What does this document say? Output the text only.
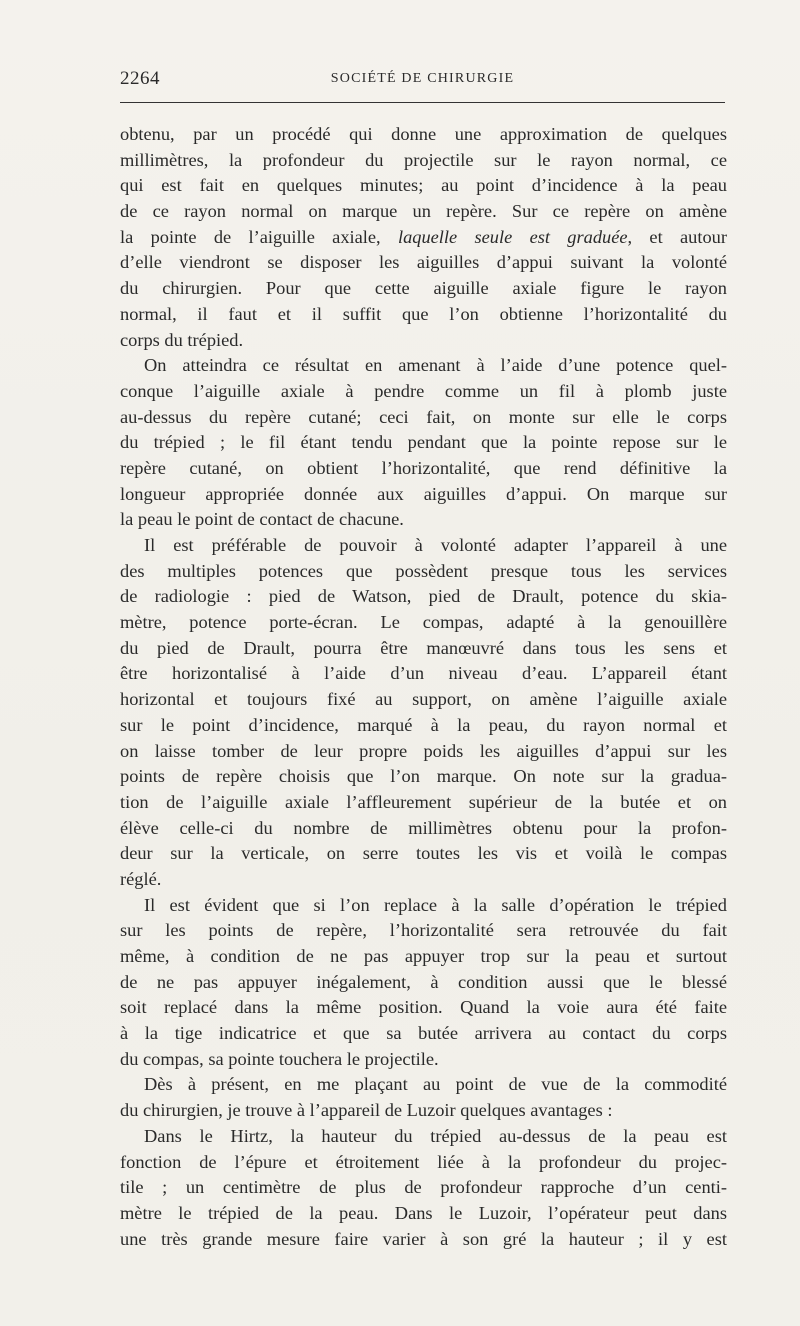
2264	SOCIÉTÉ DE CHIRURGIE
obtenu, par un procédé qui donne une approximation de quelques
millimètres, la profondeur du projectile sur le rayon normal, ce
qui est fait en quelques minutes; au point d’incidence à la peau
de ce rayon normal on marque un repère. Sur ce repère on amène
la pointe de l’aiguille axiale, laquelle seule est graduée, et autour
d’elle viendront se disposer les aiguilles d’appui suivant la volonté
du chirurgien. Pour que cette aiguille axiale figure le rayon
normal, il faut et il suffit que l’on obtienne l’horizontalité du
corps du trépied.
On atteindra ce résultat en amenant à l’aide d’une potence quel-
conque l’aiguille axiale à pendre comme un fil à plomb juste
au-dessus du repère cutané; ceci fait, on monte sur elle le corps
du trépied ; le fil étant tendu pendant que la pointe repose sur le
repère cutané, on obtient l’horizontalité, que rend définitive la
longueur appropriée donnée aux aiguilles d’appui. On marque sur
la peau le point de contact de chacune.
Il est préférable de pouvoir à volonté adapter l’appareil à une
des multiples potences que possèdent presque tous les services
de radiologie : pied de Watson, pied de Drault, potence du skia-
mètre, potence porte-écran. Le compas, adapté à la genouillère
du pied de Drault, pourra être manœuvré dans tous les sens et
être horizontalisé à l’aide d’un niveau d’eau. L’appareil étant
horizontal et toujours fixé au support, on amène l’aiguille axiale
sur le point d’incidence, marqué à la peau, du rayon normal et
on laisse tomber de leur propre poids les aiguilles d’appui sur les
points de repère choisis que l’on marque. On note sur la gradua-
tion de l’aiguille axiale l’affleurement supérieur de la butée et on
élève celle-ci du nombre de millimètres obtenu pour la profon-
deur sur la verticale, on serre toutes les vis et voilà le compas
réglé.
Il est évident que si l’on replace à la salle d’opération le trépied
sur les points de repère, l’horizontalité sera retrouvée du fait
même, à condition de ne pas appuyer trop sur la peau et surtout
de ne pas appuyer inégalement, à condition aussi que le blessé
soit replacé dans la même position. Quand la voie aura été faite
à la tige indicatrice et que sa butée arrivera au contact du corps
du compas, sa pointe touchera le projectile.
Dès à présent, en me plaçant au point de vue de la commodité
du chirurgien, je trouve à l’appareil de Luzoir quelques avantages :
Dans le Hirtz, la hauteur du trépied au-dessus de la peau est
fonction de l’épure et étroitement liée à la profondeur du projec-
tile ; un centimètre de plus de profondeur rapproche d’un centi-
mètre le trépied de la peau. Dans le Luzoir, l’opérateur peut dans
une très grande mesure faire varier à son gré la hauteur ; il y est
